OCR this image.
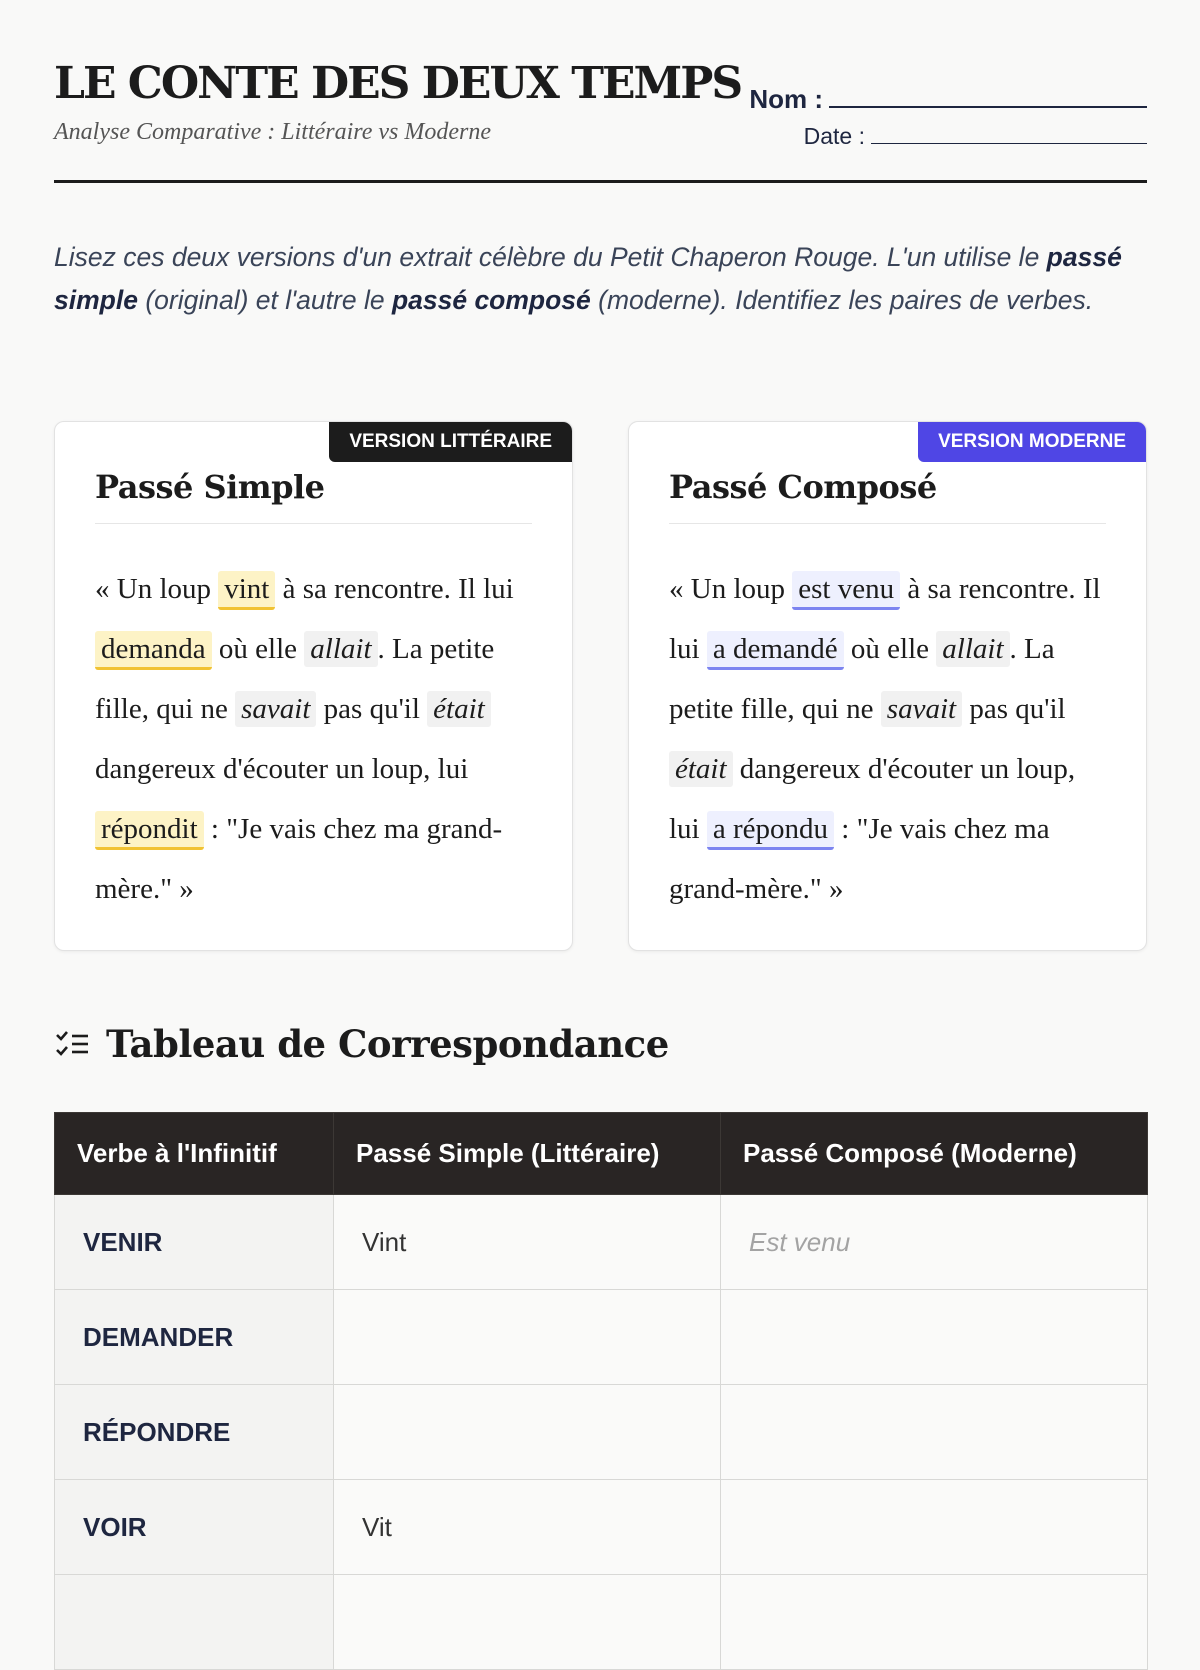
LE CONTE DES DEUX TEMPS
Analyse Comparative : Littéraire vs Moderne
Nom :
Date :

Lisez ces deux versions d'un extrait célèbre du Petit Chaperon Rouge. L'un utilise le passé simple (original) et l'autre le passé composé (moderne). Identifiez les paires de verbes.

VERSION LITTÉRAIRE
Passé Simple

« Un loup vint à sa rencontre. Il lui demanda où elle allait . La petite fille, qui ne savait pas qu'il était dangereux d'écouter un loup, lui répondit : "Je vais chez ma grand-mère." »

VERSION MODERNE
Passé Composé

« Un loup est venu à sa rencontre. Il lui a demandé où elle allait . La petite fille, qui ne savait pas qu'il était dangereux d'écouter un loup, lui a répondu : "Je vais chez ma grand-mère." »

Tableau de Correspondance
Verbe à l'Infinitif	Passé Simple (Littéraire)	Passé Composé (Moderne)
VENIR	Vint	Est venu
DEMANDER		
RÉPONDRE		
VOIR	Vit	
